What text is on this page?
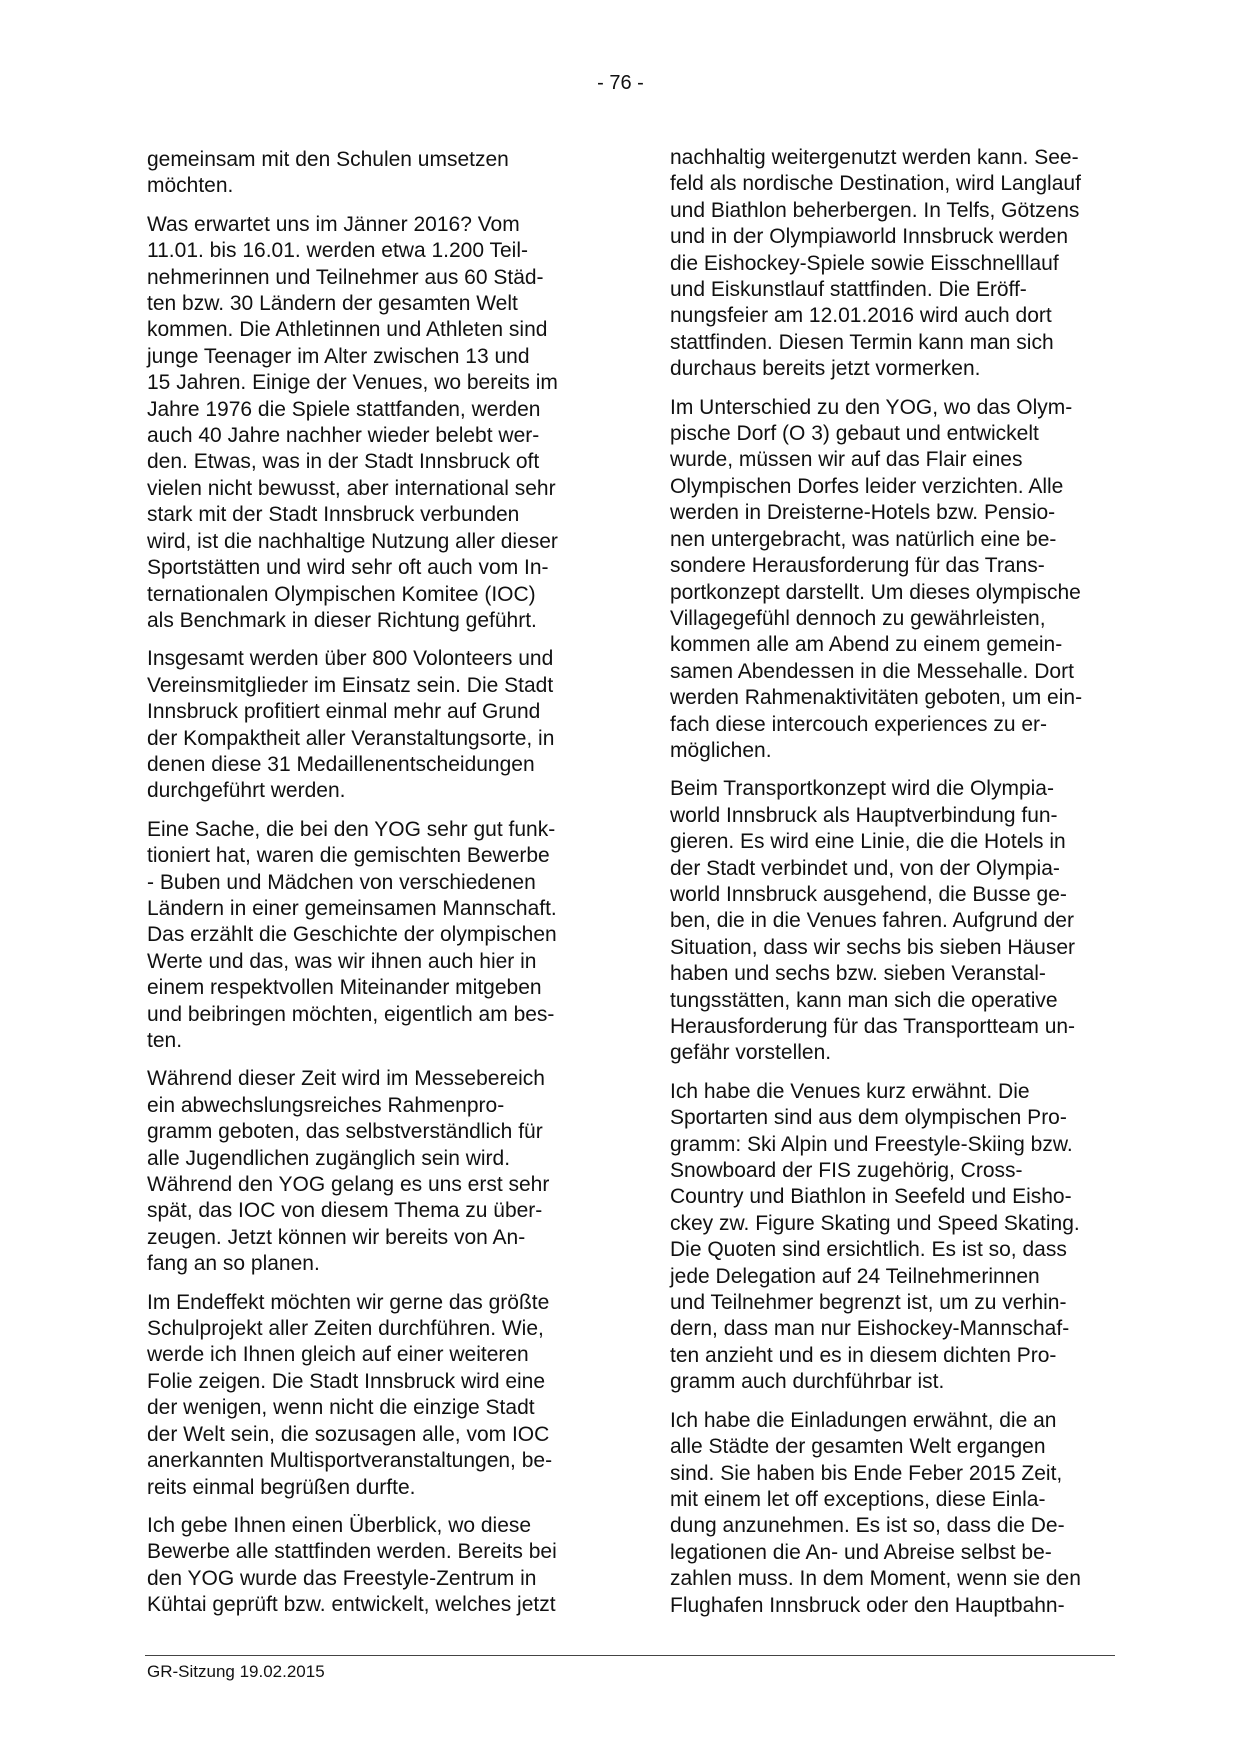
- 76 -

gemeinsam mit den Schulen umsetzen
möchten.

Was erwartet uns im Jänner 2016? Vom
11.01. bis 16.01. werden etwa 1.200 Teil-
nehmerinnen und Teilnehmer aus 60 Städ-
ten bzw. 30 Ländern der gesamten Welt
kommen. Die Athletinnen und Athleten sind
junge Teenager im Alter zwischen 13 und
15 Jahren. Einige der Venues, wo bereits im
Jahre 1976 die Spiele stattfanden, werden
auch 40 Jahre nachher wieder belebt wer-
den. Etwas, was in der Stadt Innsbruck oft
vielen nicht bewusst, aber international sehr
stark mit der Stadt Innsbruck verbunden
wird, ist die nachhaltige Nutzung aller dieser
Sportstätten und wird sehr oft auch vom In-
ternationalen Olympischen Komitee (IOC)
als Benchmark in dieser Richtung geführt.

Insgesamt werden über 800 Volonteers und
Vereinsmitglieder im Einsatz sein. Die Stadt
Innsbruck profitiert einmal mehr auf Grund
der Kompaktheit aller Veranstaltungsorte, in
denen diese 31 Medaillenentscheidungen
durchgeführt werden.

Eine Sache, die bei den YOG sehr gut funk-
tioniert hat, waren die gemischten Bewerbe
- Buben und Mädchen von verschiedenen
Ländern in einer gemeinsamen Mannschaft.
Das erzählt die Geschichte der olympischen
Werte und das, was wir ihnen auch hier in
einem respektvollen Miteinander mitgeben
und beibringen möchten, eigentlich am bes-
ten.

Während dieser Zeit wird im Messebereich
ein abwechslungsreiches Rahmenpro-
gramm geboten, das selbstverständlich für
alle Jugendlichen zugänglich sein wird.
Während den YOG gelang es uns erst sehr
spät, das IOC von diesem Thema zu über-
zeugen. Jetzt können wir bereits von An-
fang an so planen.

Im Endeffekt möchten wir gerne das größte
Schulprojekt aller Zeiten durchführen. Wie,
werde ich Ihnen gleich auf einer weiteren
Folie zeigen. Die Stadt Innsbruck wird eine
der wenigen, wenn nicht die einzige Stadt
der Welt sein, die sozusagen alle, vom IOC
anerkannten Multisportveranstaltungen, be-
reits einmal begrüßen durfte.

Ich gebe Ihnen einen Überblick, wo diese
Bewerbe alle stattfinden werden. Bereits bei
den YOG wurde das Freestyle-Zentrum in
Kühtai geprüft bzw. entwickelt, welches jetzt

nachhaltig weitergenutzt werden kann. See-
feld als nordische Destination, wird Langlauf
und Biathlon beherbergen. In Telfs, Götzens
und in der Olympiaworld Innsbruck werden
die Eishockey-Spiele sowie Eisschnelllauf
und Eiskunstlauf stattfinden. Die Eröff-
nungsfeier am 12.01.2016 wird auch dort
stattfinden. Diesen Termin kann man sich
durchaus bereits jetzt vormerken.

Im Unterschied zu den YOG, wo das Olym-
pische Dorf (O 3) gebaut und entwickelt
wurde, müssen wir auf das Flair eines
Olympischen Dorfes leider verzichten. Alle
werden in Dreisterne-Hotels bzw. Pensio-
nen untergebracht, was natürlich eine be-
sondere Herausforderung für das Trans-
portkonzept darstellt. Um dieses olympische
Villagegefühl dennoch zu gewährleisten,
kommen alle am Abend zu einem gemein-
samen Abendessen in die Messehalle. Dort
werden Rahmenaktivitäten geboten, um ein-
fach diese intercouch experiences zu er-
möglichen.

Beim Transportkonzept wird die Olympia-
world Innsbruck als Hauptverbindung fun-
gieren. Es wird eine Linie, die die Hotels in
der Stadt verbindet und, von der Olympia-
world Innsbruck ausgehend, die Busse ge-
ben, die in die Venues fahren. Aufgrund der
Situation, dass wir sechs bis sieben Häuser
haben und sechs bzw. sieben Veranstal-
tungsstätten, kann man sich die operative
Herausforderung für das Transportteam un-
gefähr vorstellen.

Ich habe die Venues kurz erwähnt. Die
Sportarten sind aus dem olympischen Pro-
gramm: Ski Alpin und Freestyle-Skiing bzw.
Snowboard der FIS zugehörig, Cross-
Country und Biathlon in Seefeld und Eisho-
ckey zw. Figure Skating und Speed Skating.
Die Quoten sind ersichtlich. Es ist so, dass
jede Delegation auf 24 Teilnehmerinnen
und Teilnehmer begrenzt ist, um zu verhin-
dern, dass man nur Eishockey-Mannschaf-
ten anzieht und es in diesem dichten Pro-
gramm auch durchführbar ist.

Ich habe die Einladungen erwähnt, die an
alle Städte der gesamten Welt ergangen
sind. Sie haben bis Ende Feber 2015 Zeit,
mit einem let off exceptions, diese Einla-
dung anzunehmen. Es ist so, dass die De-
legationen die An- und Abreise selbst be-
zahlen muss. In dem Moment, wenn sie den
Flughafen Innsbruck oder den Hauptbahn-

GR-Sitzung 19.02.2015
